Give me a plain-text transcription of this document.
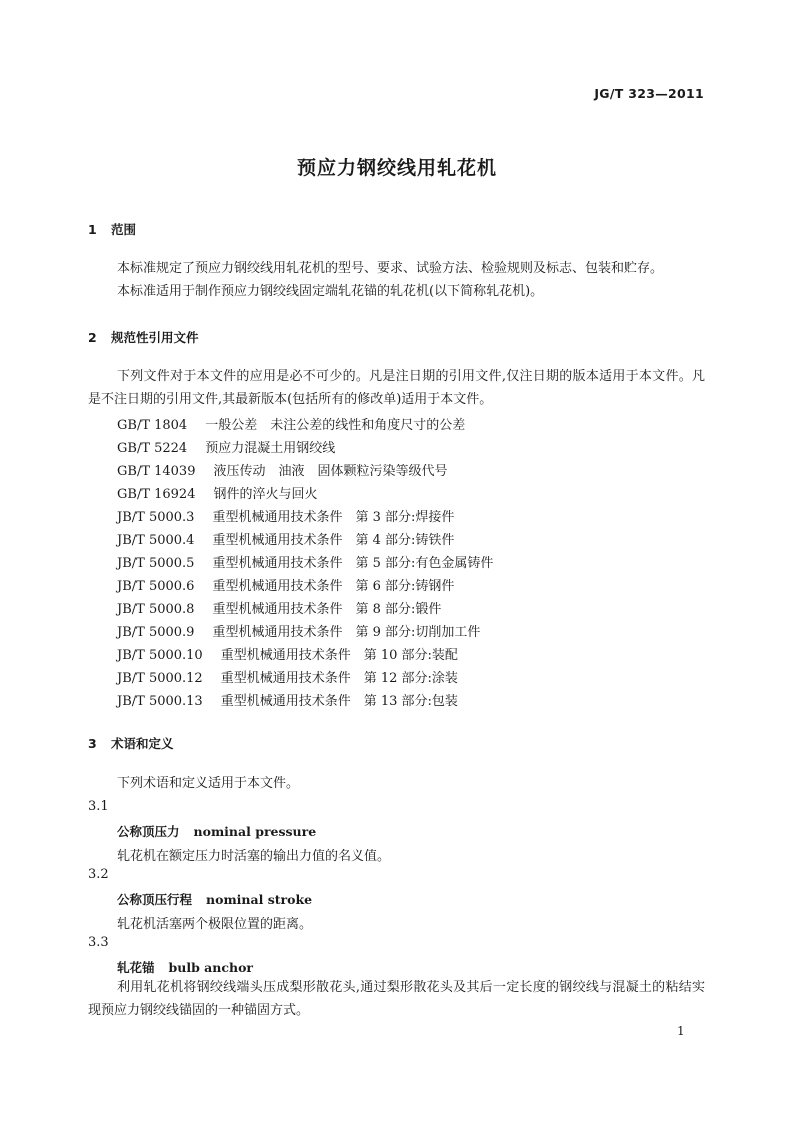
JG/T 323—2011
预应力钢绞线用轧花机
1 范围
本标准规定了预应力钢绞线用轧花机的型号、要求、试验方法、检验规则及标志、包装和贮存。
本标准适用于制作预应力钢绞线固定端轧花锚的轧花机(以下简称轧花机)。
2 规范性引用文件
下列文件对于本文件的应用是必不可少的。凡是注日期的引用文件,仅注日期的版本适用于本文件。凡是不注日期的引用文件,其最新版本(包括所有的修改单)适用于本文件。
GB/T 1804 一般公差　未注公差的线性和角度尺寸的公差
GB/T 5224 预应力混凝土用钢绞线
GB/T 14039 液压传动　油液　固体颗粒污染等级代号
GB/T 16924 钢件的淬火与回火
JB/T 5000.3 重型机械通用技术条件　第 3 部分:焊接件
JB/T 5000.4 重型机械通用技术条件　第 4 部分:铸铁件
JB/T 5000.5 重型机械通用技术条件　第 5 部分:有色金属铸件
JB/T 5000.6 重型机械通用技术条件　第 6 部分:铸钢件
JB/T 5000.8 重型机械通用技术条件　第 8 部分:锻件
JB/T 5000.9 重型机械通用技术条件　第 9 部分:切削加工件
JB/T 5000.10 重型机械通用技术条件　第 10 部分:装配
JB/T 5000.12 重型机械通用技术条件　第 12 部分:涂装
JB/T 5000.13 重型机械通用技术条件　第 13 部分:包装
3 术语和定义
下列术语和定义适用于本文件。
3.1
公称顶压力 nominal pressure
轧花机在额定压力时活塞的输出力值的名义值。
3.2
公称顶压行程 nominal stroke
轧花机活塞两个极限位置的距离。
3.3
轧花锚 bulb anchor
利用轧花机将钢绞线端头压成梨形散花头,通过梨形散花头及其后一定长度的钢绞线与混凝土的粘结实现预应力钢绞线锚固的一种锚固方式。
1
